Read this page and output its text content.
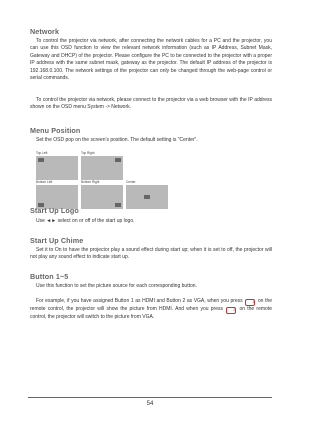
Network
To control the projector via network, after connecting the network cables for a PC and the projector, you can use this OSD function to view the relevant network information (such as IP Address, Subnet Mask, Gateway and DHCP) of the projector. Please configure the PC to be connected to the projector with a proper IP address with the same subnet mask, gateway as the projector. The default IP address of the projector is 192.168.0.100. The network settings of the projector can only be changed through the web-page control or serial commands.
To control the projector via network, please connect to the projector via a web browser with the IP address shown on the OSD menu System -> Network.
Menu Position
Set the OSD pop on the screen's position. The default setting is "Center".
Top Left	Top Right
Bottom Left	Bottom Right	Center
Start Up Logo
Use ◄► select on or off of the start up logo.
Start Up Chime
Set it to On to have the projector play a sound effect during start up; when it is set to off, the projector will not play any sound effect to indicate start up.
Button 1~5
Use this function to set the picture source for each corresponding button.
For example, if you have assigned Button 1 as HDMI and Button 2 as VGA, when you press	1 on the remote control, the projector will show the picture from HDMI. And when you press	2 on the remote control, the projector will switch to the picture from VGA.
54
